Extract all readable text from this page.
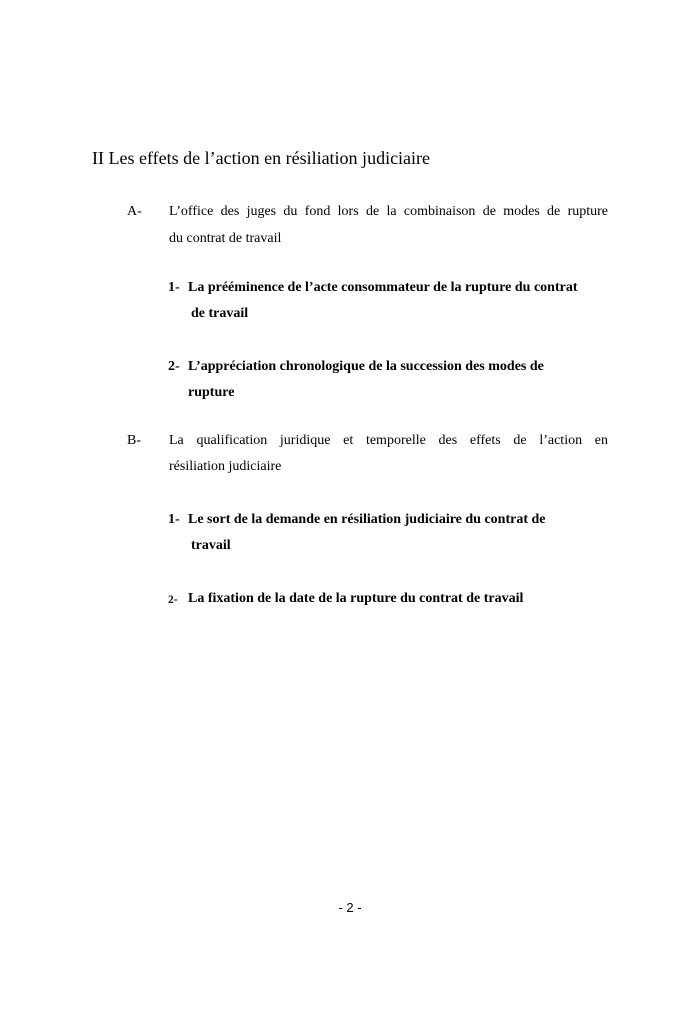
II Les effets de l’action en résiliation judiciaire
A- L’office des juges du fond lors de la combinaison de modes de rupture
du contrat de travail
1- La prééminence de l’acte consommateur de la rupture du contrat
de travail
2- L’appréciation chronologique de la succession des modes de
rupture
B- La qualification juridique et temporelle des effets de l’action en
résiliation judiciaire
1- Le sort de la demande en résiliation judiciaire du contrat de
travail
2- La fixation de la date de la rupture du contrat de travail
- 2 -
